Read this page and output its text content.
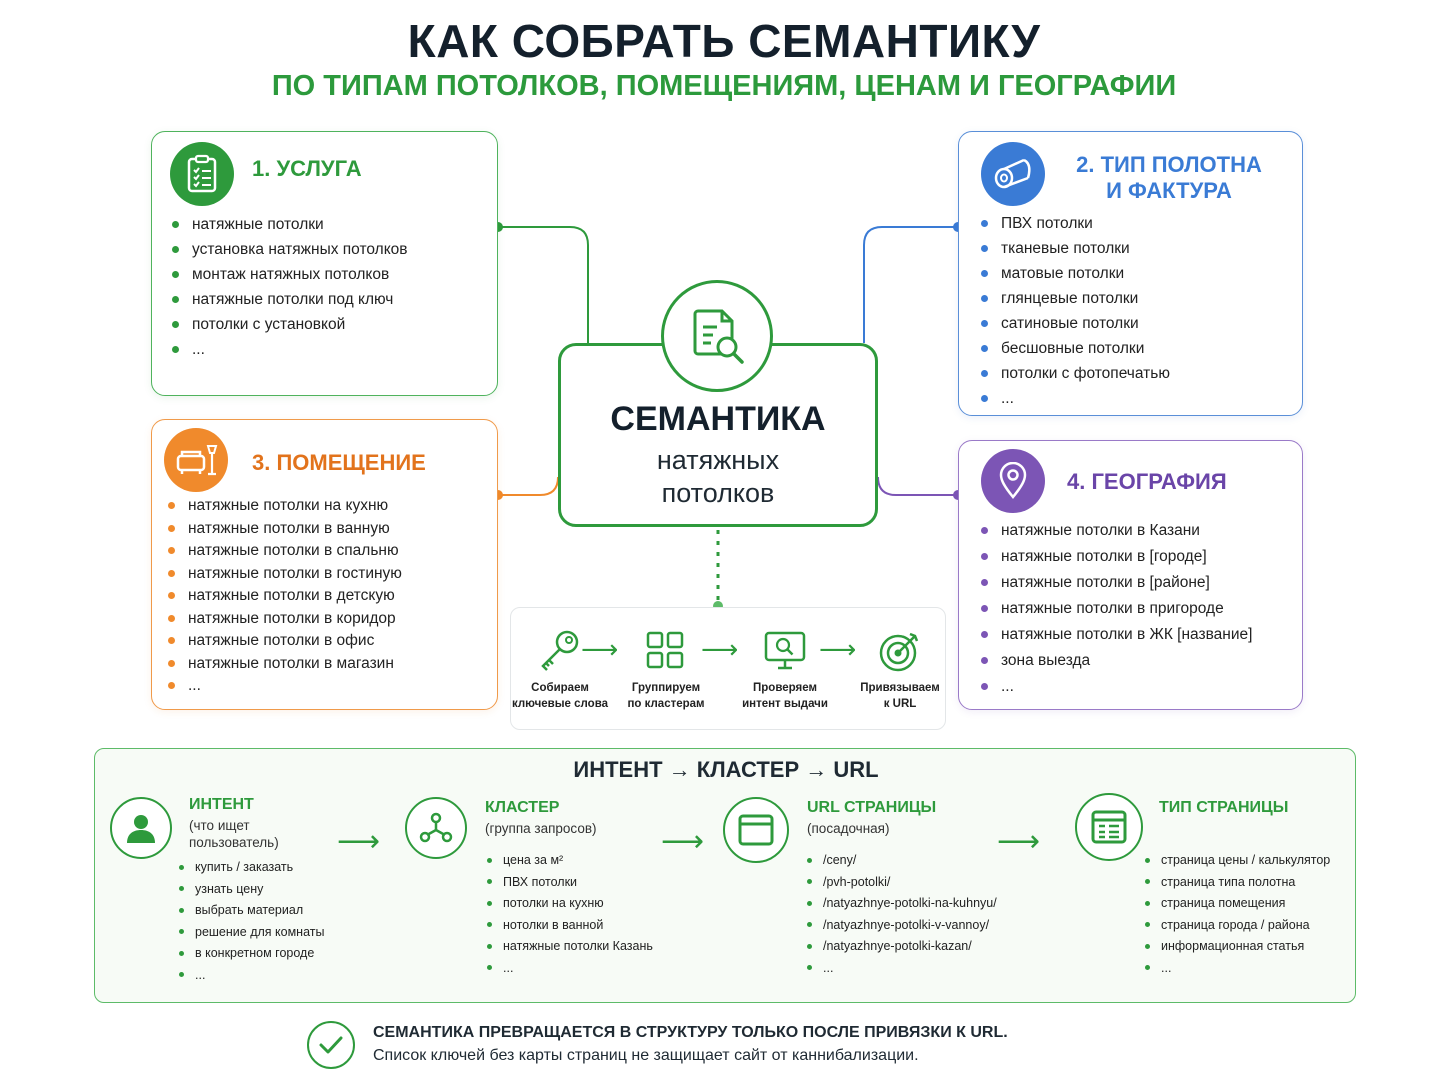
КАК СОБРАТЬ СЕМАНТИКУ
ПО ТИПАМ ПОТОЛКОВ, ПОМЕЩЕНИЯМ, ЦЕНАМ И ГЕОГРАФИИ
1. УСЛУГА
натяжные потолки
установка натяжных потолков
монтаж натяжных потолков
натяжные потолки под ключ
потолки с установкой
...
2. ТИП ПОЛОТНА
И ФАКТУРА
ПВХ потолки
тканевые потолки
матовые потолки
глянцевые потолки
сатиновые потолки
бесшовные потолки
потолки с фотопечатью
...
3. ПОМЕЩЕНИЕ
натяжные потолки на кухню
натяжные потолки в ванную
натяжные потолки в спальню
натяжные потолки в гостиную
натяжные потолки в детскую
натяжные потолки в коридор
натяжные потолки в офис
натяжные потолки в магазин
...
4. ГЕОГРАФИЯ
натяжные потолки в Казани
натяжные потолки в [городе]
натяжные потолки в [районе]
натяжные потолки в пригороде
натяжные потолки в ЖК [название]
зона выезда
...
СЕМАНТИКА
натяжных
потолков
Собираем
ключевые слова
⟶
Группируем
по кластерам
⟶
Проверяем
интент выдачи
⟶
Привязываем
к URL
ИНТЕНТ → КЛАСТЕР → URL
ИНТЕНТ
(что ищет
пользователь)
купить / заказать
узнать цену
выбрать материал
решение для комнаты
в конкретном городе
...
⟶
КЛАСТЕР
(группа запросов)
цена за м²
ПВХ потолки
потолки на кухню
нотолки в ванной
натяжные потолки Казань
...
⟶
URL СТРАНИЦЫ
(посадочная)
/ceny/
/pvh-potolki/
/natyazhnye-potolki-na-kuhnyu/
/natyazhnye-potolki-v-vannoy/
/natyazhnye-potolki-kazan/
...
⟶
ТИП СТРАНИЦЫ
страница цены / калькулятор
страница типа полотна
страница помещения
страница города / района
информационная статья
...
СЕМАНТИКА ПРЕВРАЩАЕТСЯ В СТРУКТУРУ ТОЛЬКО ПОСЛЕ ПРИВЯЗКИ К URL.
Список ключей без карты страниц не защищает сайт от каннибализации.
